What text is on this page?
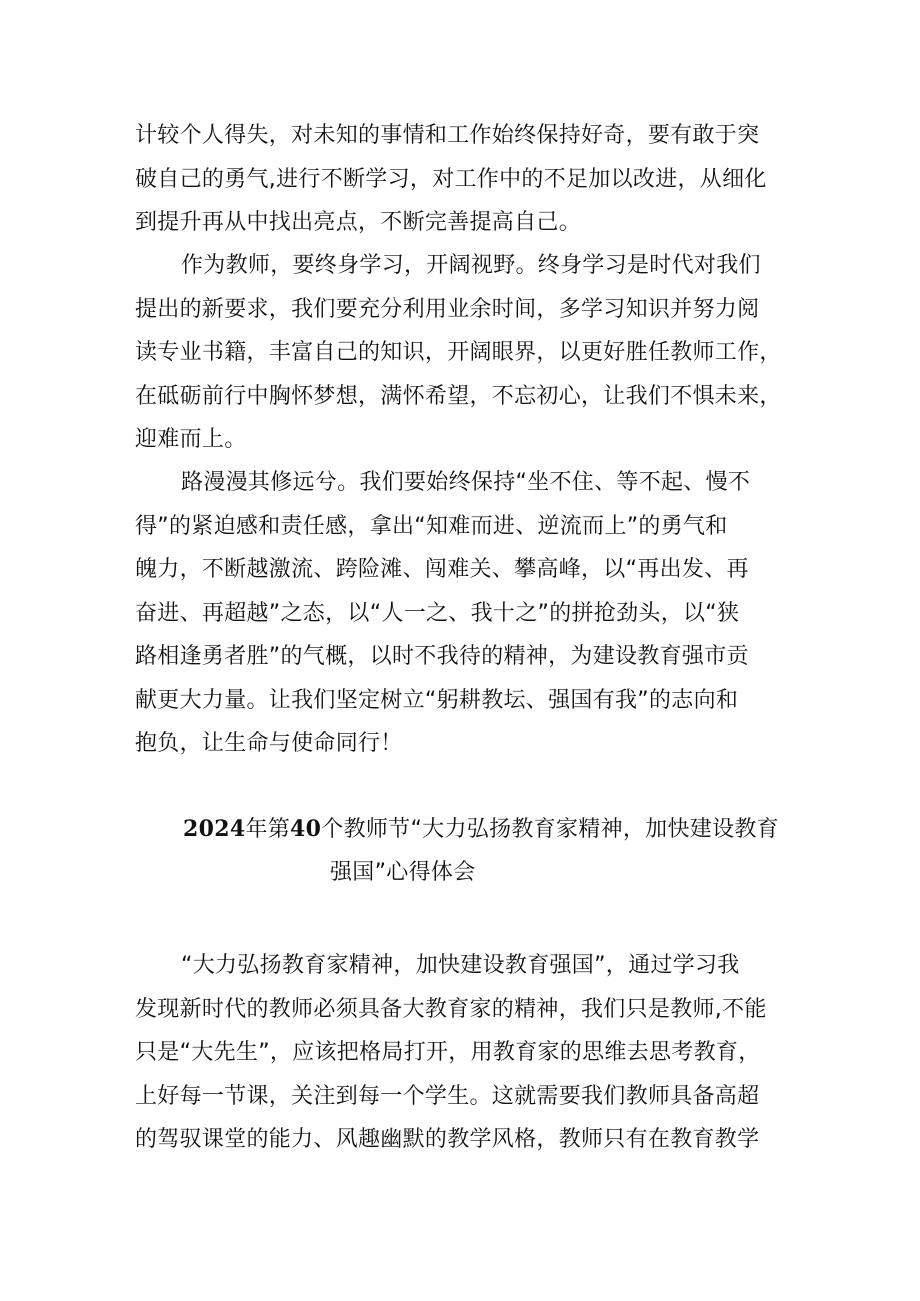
计较个人得失，对未知的事情和工作始终保持好奇，要有敢于突
破自己的勇气,进行不断学习，对工作中的不足加以改进，从细化
到提升再从中找出亮点，不断完善提高自己。

作为教师，要终身学习，开阔视野。终身学习是时代对我们
提出的新要求，我们要充分利用业余时间，多学习知识并努力阅
读专业书籍，丰富自己的知识，开阔眼界，以更好胜任教师工作，
在砥砺前行中胸怀梦想，满怀希望，不忘初心，让我们不惧未来，
迎难而上。

路漫漫其修远兮。我们要始终保持“坐不住、等不起、慢不
得”的紧迫感和责任感，拿出“知难而进、逆流而上”的勇气和
魄力，不断越激流、跨险滩、闯难关、攀高峰，以“再出发、再
奋进、再超越”之态，以“人一之、我十之”的拼抢劲头，以“狭
路相逢勇者胜”的气概，以时不我待的精神，为建设教育强市贡
献更大力量。让我们坚定树立“躬耕教坛、强国有我”的志向和
抱负，让生命与使命同行！

2024年第40个教师节“大力弘扬教育家精神，加快建设教育
强国”心得体会

“大力弘扬教育家精神，加快建设教育强国”，通过学习我
发现新时代的教师必须具备大教育家的精神，我们只是教师,不能
只是“大先生”，应该把格局打开，用教育家的思维去思考教育，
上好每一节课，关注到每一个学生。这就需要我们教师具备高超
的驾驭课堂的能力、风趣幽默的教学风格，教师只有在教育教学
